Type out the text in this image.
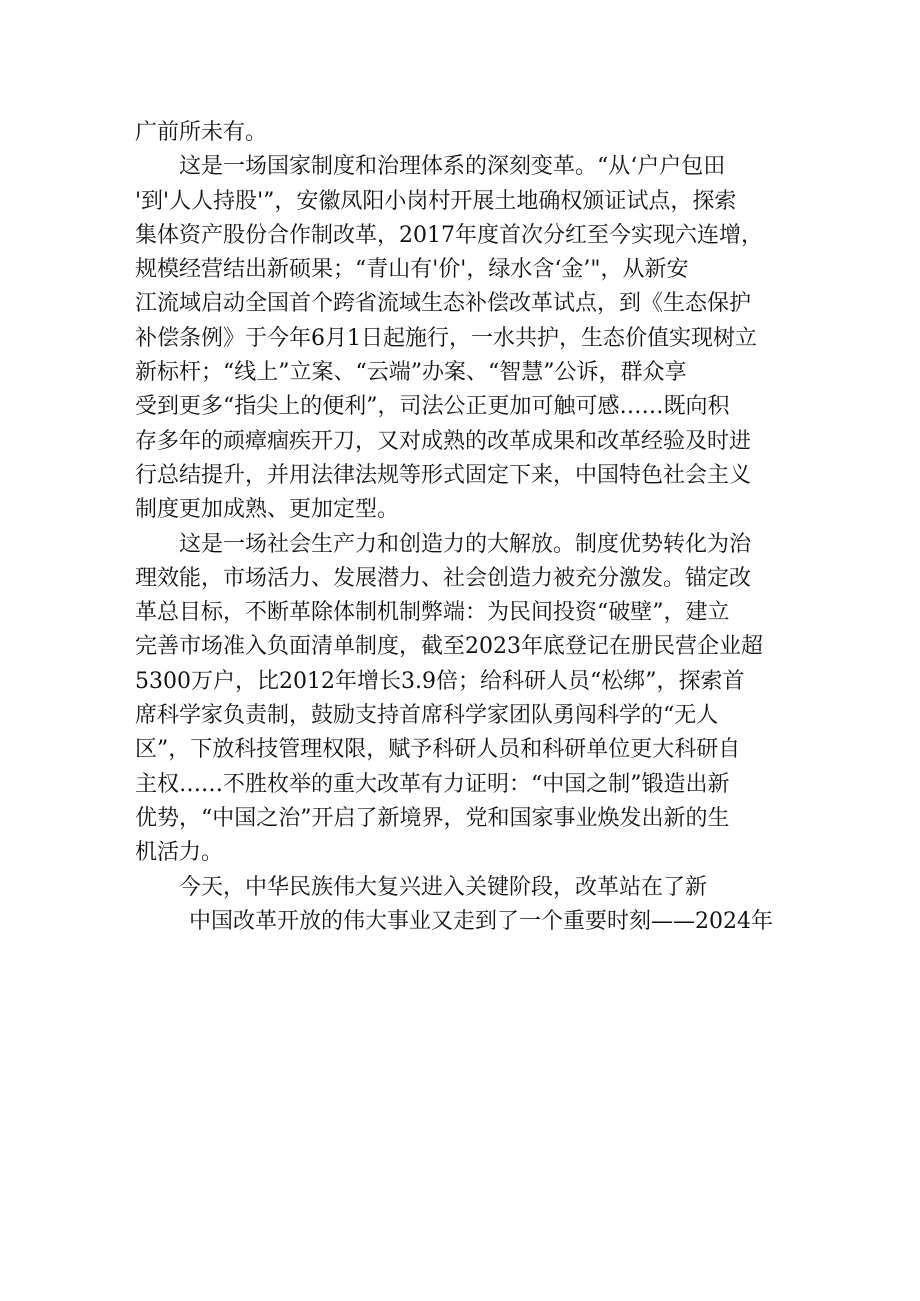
广前所未有。
这是一场国家制度和治理体系的深刻变革。“从‘户户包田
'到'人人持股'”，安徽凤阳小岗村开展土地确权颁证试点，探索
集体资产股份合作制改革，2017年度首次分红至今实现六连增，
规模经营结出新硕果；“青山有'价'，绿水含‘金’"，从新安
江流域启动全国首个跨省流域生态补偿改革试点，到《生态保护
补偿条例》于今年6月1日起施行，一水共护，生态价值实现树立
新标杆；“线上”立案、“云端”办案、“智慧”公诉，群众享
受到更多“指尖上的便利”，司法公正更加可触可感……既向积
存多年的顽瘴痼疾开刀，又对成熟的改革成果和改革经验及时进
行总结提升，并用法律法规等形式固定下来，中国特色社会主义
制度更加成熟、更加定型。
这是一场社会生产力和创造力的大解放。制度优势转化为治
理效能，市场活力、发展潜力、社会创造力被充分激发。锚定改
革总目标，不断革除体制机制弊端：为民间投资“破壁”，建立
完善市场准入负面清单制度，截至2023年底登记在册民营企业超
5300万户，比2012年增长3.9倍；给科研人员“松绑”，探索首
席科学家负责制，鼓励支持首席科学家团队勇闯科学的“无人
区”，下放科技管理权限，赋予科研人员和科研单位更大科研自
主权……不胜枚举的重大改革有力证明：“中国之制”锻造出新
优势，“中国之治”开启了新境界，党和国家事业焕发出新的生
机活力。
今天，中华民族伟大复兴进入关键阶段，改革站在了新
中国改革开放的伟大事业又走到了一个重要时刻——2024年
